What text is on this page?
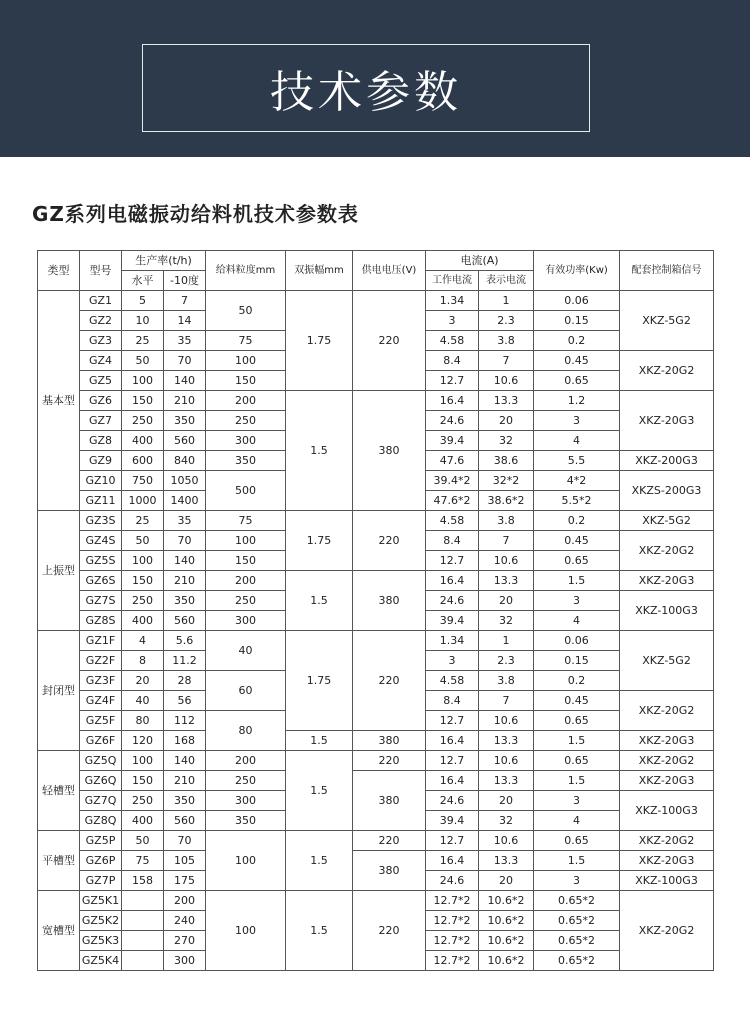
技术参数
GZ系列电磁振动给料机技术参数表
类型	型号	生产率(t/h)		给料粒度mm	双振幅mm	供电电压(V)	电流(A)		有效功率(Kw)	配套控制箱信号
		水平	-10度				工作电流	表示电流		
基本型	GZ1	5	7	50	1.75	220	1.34	1	0.06	XKZ-5G2
	GZ2	10	14				3	2.3	0.15	
	GZ3	25	35	75			4.58	3.8	0.2	
	GZ4	50	70	100			8.4	7	0.45	XKZ-20G2
	GZ5	100	140	150			12.7	10.6	0.65	
	GZ6	150	210	200	1.5	380	16.4	13.3	1.2	XKZ-20G3
	GZ7	250	350	250			24.6	20	3	
	GZ8	400	560	300			39.4	32	4	
	GZ9	600	840	350			47.6	38.6	5.5	XKZ-200G3
	GZ10	750	1050	500			39.4*2	32*2	4*2	XKZS-200G3
	GZ11	1000	1400				47.6*2	38.6*2	5.5*2	
上振型	GZ3S	25	35	75	1.75	220	4.58	3.8	0.2	XKZ-5G2
	GZ4S	50	70	100			8.4	7	0.45	XKZ-20G2
	GZ5S	100	140	150			12.7	10.6	0.65	
	GZ6S	150	210	200	1.5	380	16.4	13.3	1.5	XKZ-20G3
	GZ7S	250	350	250			24.6	20	3	XKZ-100G3
	GZ8S	400	560	300			39.4	32	4	
封闭型	GZ1F	4	5.6	40	1.75	220	1.34	1	0.06	XKZ-5G2
	GZ2F	8	11.2				3	2.3	0.15	
	GZ3F	20	28	60			4.58	3.8	0.2	
	GZ4F	40	56				8.4	7	0.45	XKZ-20G2
	GZ5F	80	112	80			12.7	10.6	0.65	
	GZ6F	120	168		1.5	380	16.4	13.3	1.5	XKZ-20G3
轻槽型	GZ5Q	100	140	200	1.5	220	12.7	10.6	0.65	XKZ-20G2
	GZ6Q	150	210	250		380	16.4	13.3	1.5	XKZ-20G3
	GZ7Q	250	350	300			24.6	20	3	XKZ-100G3
	GZ8Q	400	560	350			39.4	32	4	
平槽型	GZ5P	50	70	100	1.5	220	12.7	10.6	0.65	XKZ-20G2
	GZ6P	75	105			380	16.4	13.3	1.5	XKZ-20G3
	GZ7P	158	175				24.6	20	3	XKZ-100G3
宽槽型	GZ5K1		200	100	1.5	220	12.7*2	10.6*2	0.65*2	XKZ-20G2
	GZ5K2		240				12.7*2	10.6*2	0.65*2	
	GZ5K3		270				12.7*2	10.6*2	0.65*2	
	GZ5K4		300				12.7*2	10.6*2	0.65*2	
